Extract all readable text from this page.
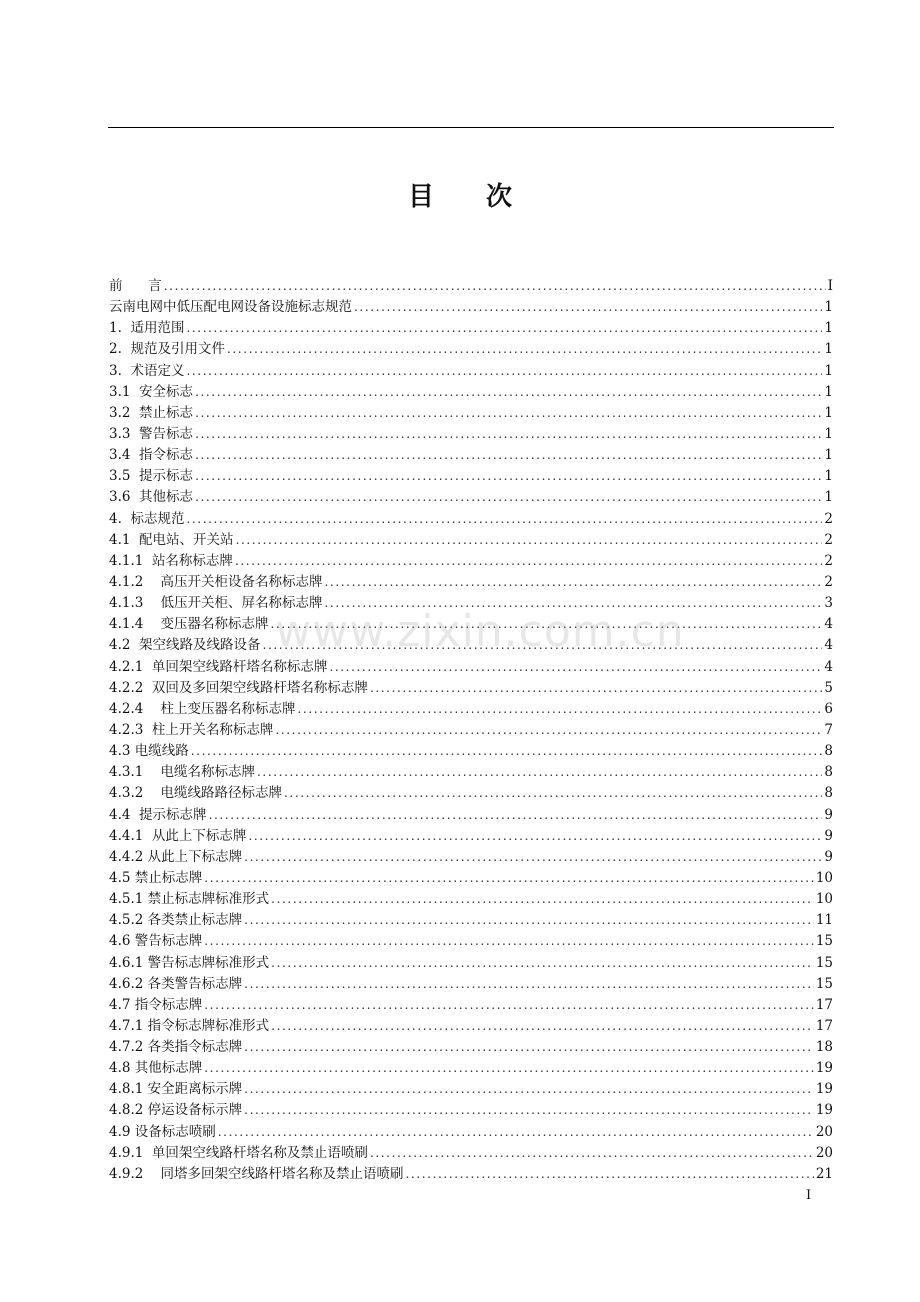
目 次
前      言 .....	I
云南电网中低压配电网设备设施标志规范 .....	1
1.  适用范围 .....	1
2.  规范及引用文件 .....	1
3.  术语定义 .....	1
3.1  安全标志 .....	1
3.2  禁止标志 .....	1
3.3  警告标志 .....	1
3.4  指令标志 .....	1
3.5  提示标志 .....	1
3.6  其他标志 .....	1
4.  标志规范 .....	2
4.1  配电站、开关站 .....	2
4.1.1  站名称标志牌 .....	2
4.1.2    高压开关柜设备名称标志牌 .....	2
4.1.3    低压开关柜、屏名称标志牌 .....	3
4.1.4    变压器名称标志牌 .....	4
4.2  架空线路及线路设备 .....	4
4.2.1  单回架空线路杆塔名称标志牌 .....	4
4.2.2  双回及多回架空线路杆塔名称标志牌 .....	5
4.2.4    柱上变压器名称标志牌 .....	6
4.2.3  柱上开关名称标志牌 .....	7
4.3 电缆线路 .....	8
4.3.1    电缆名称标志牌 .....	8
4.3.2    电缆线路路径标志牌 .....	8
4.4  提示标志牌 .....	9
4.4.1  从此上下标志牌 .....	9
4.4.2 从此上下标志牌 .....	9
4.5 禁止标志牌 .....	10
4.5.1 禁止标志牌标准形式 .....	10
4.5.2 各类禁止标志牌 .....	11
4.6 警告标志牌 .....	15
4.6.1 警告标志牌标准形式 .....	15
4.6.2 各类警告标志牌 .....	15
4.7 指令标志牌 .....	17
4.7.1 指令标志牌标准形式 .....	17
4.7.2 各类指令标志牌 .....	18
4.8 其他标志牌 .....	19
4.8.1 安全距离标示牌 .....	19
4.8.2 停运设备标示牌 .....	19
4.9 设备标志喷刷 .....	20
4.9.1  单回架空线路杆塔名称及禁止语喷刷 .....	20
4.9.2    同塔多回架空线路杆塔名称及禁止语喷刷 .....	21
www.zixin.com.cn
I
